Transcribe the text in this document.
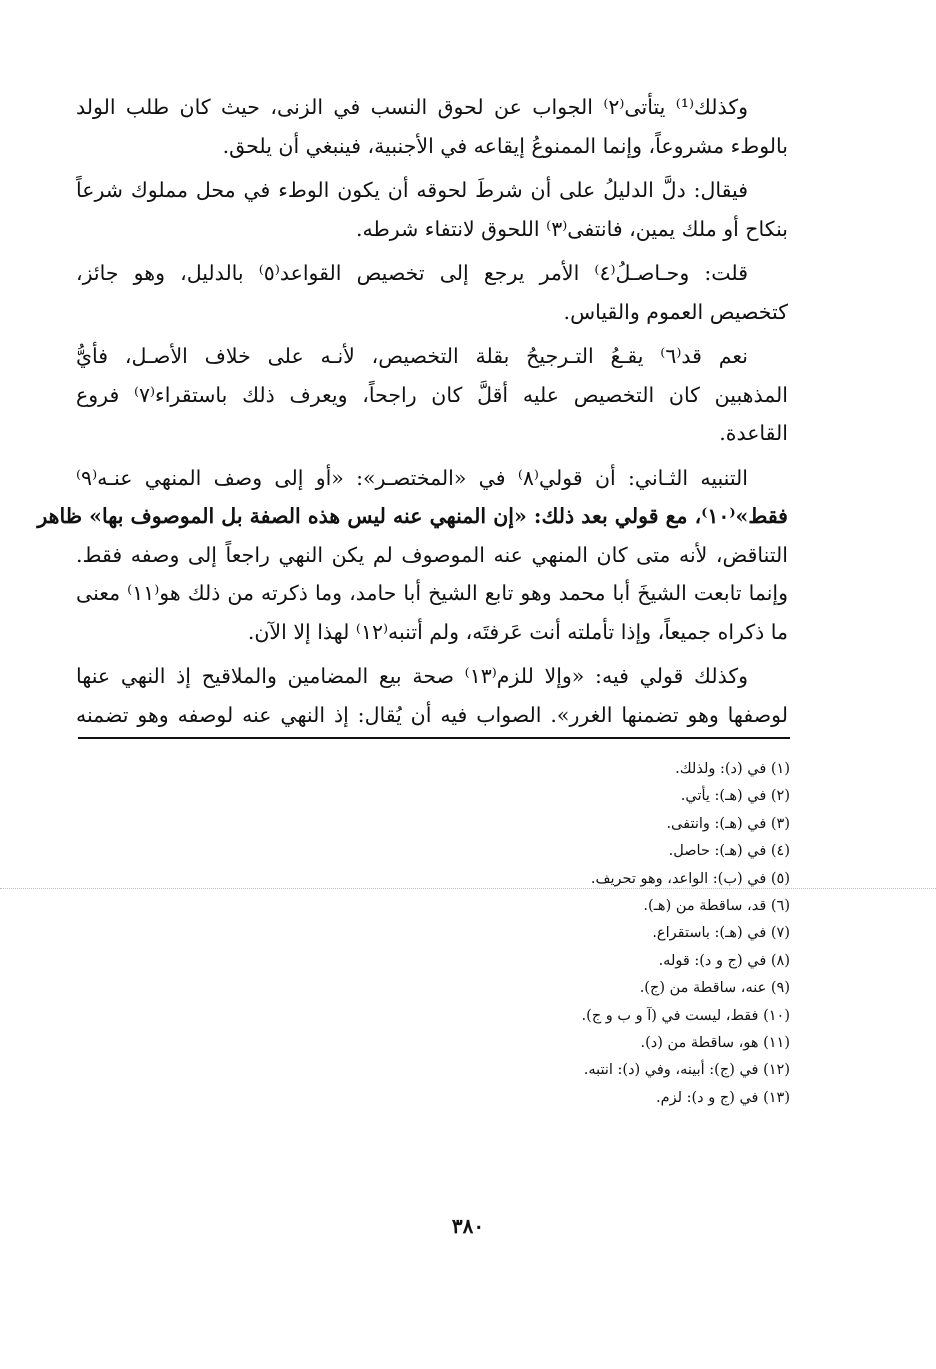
وكذلك⁽¹⁾ يتأتى⁽٢⁾ الجواب عن لحوق النسب في الزنى، حيث كان طلب الولد
بالوطء مشروعاً، وإنما الممنوعُ إيقاعه في الأجنبية، فينبغي أن يلحق.

فيقال: دلَّ الدليلُ على أن شرطَ لحوقه أن يكون الوطء في محل مملوك شرعاً
بنكاح أو ملك يمين، فانتفى⁽٣⁾ اللحوق لانتفاء شرطه.

قلت: وحـاصـلُ⁽٤⁾ الأمر يرجع إلى تخصيص القواعد⁽٥⁾ بالدليل، وهو جائز،
كتخصيص العموم والقياس.

نعم قد⁽٦⁾ يقـعُ التـرجيحُ بقلة التخصيص، لأنـه على خلاف الأصـل، فأيُّ
المذهبين كان التخصيص عليه أقلَّ كان راجحاً، ويعرف ذلك باستقراء⁽٧⁾ فروع
القاعدة.

التنبيه الثـاني: أن قولي⁽٨⁾ في «المختصـر»: «أو إلى وصف المنهي عنـه⁽٩⁾
فقط»⁽١٠⁾، مع قولي بعد ذلك: «إن المنهي عنه ليس هذه الصفة بل الموصوف بها» ظاهر
التناقض، لأنه متى كان المنهي عنه الموصوف لم يكن النهي راجعاً إلى وصفه فقط.
وإنما تابعت الشيخَ أبا محمد وهو تابع الشيخ أبا حامد، وما ذكرته من ذلك هو⁽١١⁾ معنى
ما ذكراه جميعاً، وإذا تأملته أنت عَرفتَه، ولم أتنبه⁽١٢⁾ لهذا إلا الآن.

وكذلك قولي فيه: «وإلا للزم⁽١٣⁾ صحة بيع المضامين والملاقيح إذ النهي عنها
لوصفها وهو تضمنها الغرر». الصواب فيه أن يُقال: إذ النهي عنه لوصفه وهو تضمنه

(١) في (د): ولذلك.
(٢) في (هـ): يأتي.
(٣) في (هـ): وانتفى.
(٤) في (هـ): حاصل.
(٥) في (ب): الواعد، وهو تحريف.
(٦) قد، ساقطة من (هـ).
(٧) في (هـ): باستقراع.
(٨) في (ج و د): قوله.
(٩) عنه، ساقطة من (ج).
(١٠) فقط، ليست في (آ و ب و ج).
(١١) هو، ساقطة من (د).
(١٢) في (ج): أبينه، وفي (د): انتبه.
(١٣) في (ج و د): لزم.
٣٨٠
